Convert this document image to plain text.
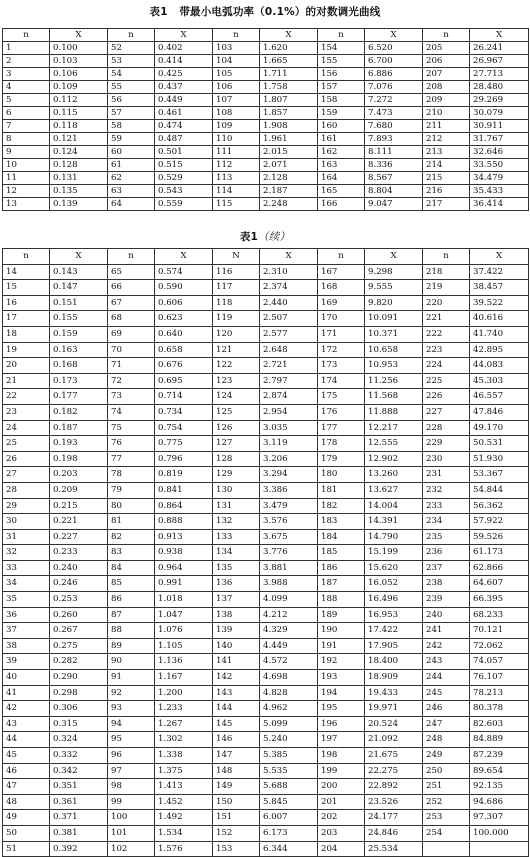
表1 带最小电弧功率（0.1%）的对数调光曲线
n	X	n	X	n	X	n	X	n	X
1	0.100	52	0.402	103	1.620	154	6.520	205	26.241
2	0.103	53	0.414	104	1.665	155	6.700	206	26.967
3	0.106	54	0.425	105	1.711	156	6.886	207	27.713
4	0.109	55	0.437	106	1.758	157	7.076	208	28.480
5	0.112	56	0.449	107	1.807	158	7.272	209	29.269
6	0.115	57	0.461	108	1.857	159	7.473	210	30.079
7	0.118	58	0.474	109	1.908	160	7.680	211	30.911
8	0.121	59	0.487	110	1.961	161	7.893	212	31.767
9	0.124	60	0.501	111	2.015	162	8.111	213	32.646
10	0.128	61	0.515	112	2.071	163	8.336	214	33.550
11	0.131	62	0.529	113	2.128	164	8.567	215	34.479
12	0.135	63	0.543	114	2.187	165	8.804	216	35.433
13	0.139	64	0.559	115	2.248	166	9.047	217	36.414
表1（续）
n	X	n	X	N	X	n	X	n	X
14	0.143	65	0.574	116	2.310	167	9.298	218	37.422
15	0.147	66	0.590	117	2.374	168	9.555	219	38.457
16	0.151	67	0.606	118	2.440	169	9.820	220	39.522
17	0.155	68	0.623	119	2.507	170	10.091	221	40.616
18	0.159	69	0.640	120	2.577	171	10.371	222	41.740
19	0.163	70	0.658	121	2.648	172	10.658	223	42.895
20	0.168	71	0.676	122	2.721	173	10.953	224	44.083
21	0.173	72	0.695	123	2.797	174	11.256	225	45.303
22	0.177	73	0.714	124	2.874	175	11.568	226	46.557
23	0.182	74	0.734	125	2.954	176	11.888	227	47.846
24	0.187	75	0.754	126	3.035	177	12.217	228	49.170
25	0.193	76	0.775	127	3.119	178	12.555	229	50.531
26	0.198	77	0.796	128	3.206	179	12.902	230	51.930
27	0.203	78	0.819	129	3.294	180	13.260	231	53.367
28	0.209	79	0.841	130	3.386	181	13.627	232	54.844
29	0.215	80	0.864	131	3.479	182	14.004	233	56.362
30	0.221	81	0.888	132	3.576	183	14.391	234	57.922
31	0.227	82	0.913	133	3.675	184	14.790	235	59.526
32	0.233	83	0.938	134	3.776	185	15.199	236	61.173
33	0.240	84	0.964	135	3.881	186	15.620	237	62.866
34	0.246	85	0.991	136	3.988	187	16.052	238	64.607
35	0.253	86	1.018	137	4.099	188	16.496	239	66.395
36	0.260	87	1.047	138	4.212	189	16.953	240	68.233
37	0.267	88	1.076	139	4.329	190	17.422	241	70.121
38	0.275	89	1.105	140	4.449	191	17.905	242	72.062
39	0.282	90	1.136	141	4.572	192	18.400	243	74.057
40	0.290	91	1.167	142	4.698	193	18.909	244	76.107
41	0.298	92	1.200	143	4.828	194	19.433	245	78.213
42	0.306	93	1.233	144	4.962	195	19.971	246	80.378
43	0.315	94	1.267	145	5.099	196	20.524	247	82.603
44	0.324	95	1.302	146	5.240	197	21.092	248	84.889
45	0.332	96	1.338	147	5.385	198	21.675	249	87.239
46	0.342	97	1.375	148	5.535	199	22.275	250	89.654
47	0.351	98	1.413	149	5.688	200	22.892	251	92.135
48	0.361	99	1.452	150	5.845	201	23.526	252	94.686
49	0.371	100	1.492	151	6.007	202	24.177	253	97.307
50	0.381	101	1.534	152	6.173	203	24.846	254	100.000
51	0.392	102	1.576	153	6.344	204	25.534		
